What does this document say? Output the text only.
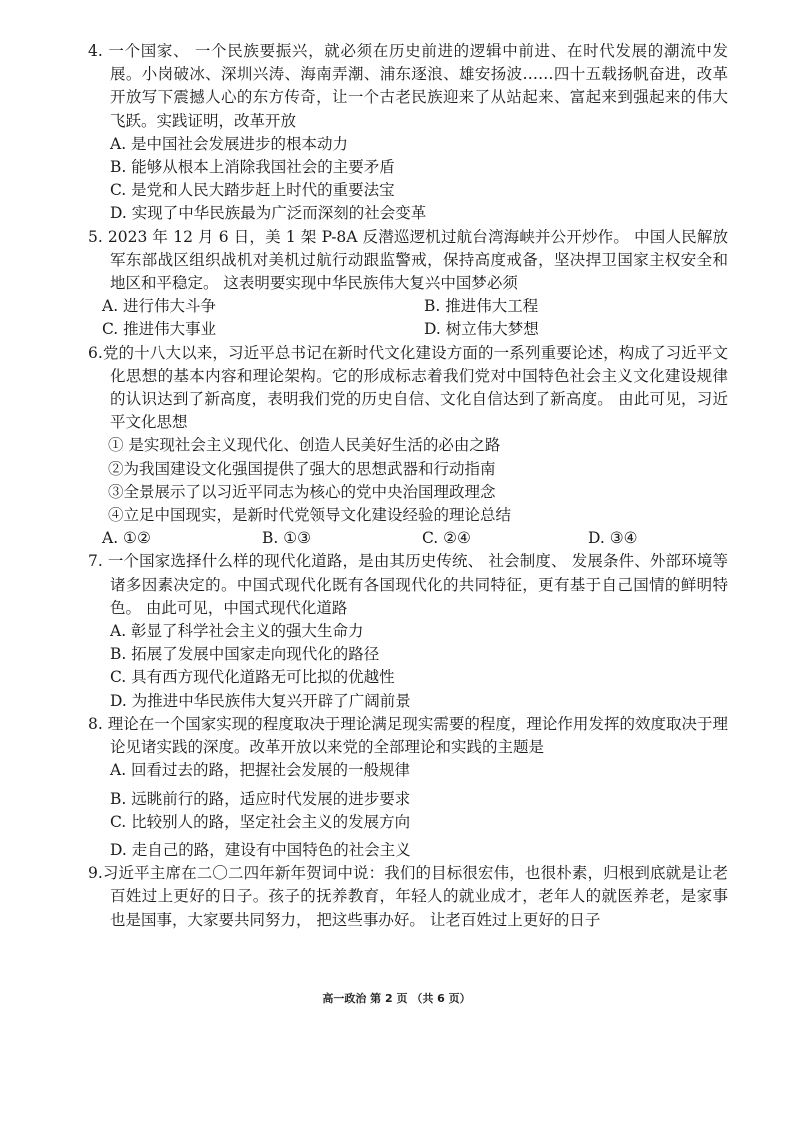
4. 一个国家、 一个民族要振兴，就必须在历史前进的逻辑中前进、在时代发展的潮流中发展。小岗破冰、深圳兴涛、海南弄潮、浦东逐浪、雄安扬波……四十五载扬帆奋进，改革开放写下震撼人心的东方传奇，让一个古老民族迎来了从站起来、富起来到强起来的伟大飞跃。实践证明，改革开放

A. 是中国社会发展进步的根本动力
B. 能够从根本上消除我国社会的主要矛盾
C. 是党和人民大踏步赶上时代的重要法宝
D. 实现了中华民族最为广泛而深刻的社会变革

5. 2023 年 12 月 6 日，美 1 架 P-8A 反潜巡逻机过航台湾海峡并公开炒作。 中国人民解放军东部战区组织战机对美机过航行动跟监警戒，保持高度戒备，坚决捍卫国家主权安全和地区和平稳定。 这表明要实现中华民族伟大复兴中国梦必须

A. 进行伟大斗争	B. 推进伟大工程
C. 推进伟大事业	D. 树立伟大梦想

6.党的十八大以来，习近平总书记在新时代文化建设方面的一系列重要论述，构成了习近平文化思想的基本内容和理论架构。它的形成标志着我们党对中国特色社会主义文化建设规律的认识达到了新高度，表明我们党的历史自信、文化自信达到了新高度。 由此可见，习近平文化思想

① 是实现社会主义现代化、创造人民美好生活的必由之路
②为我国建设文化强国提供了强大的思想武器和行动指南
③全景展示了以习近平同志为核心的党中央治国理政理念
④立足中国现实，是新时代党领导文化建设经验的理论总结
A. ①②	B. ①③	C. ②④	D. ③④

7. 一个国家选择什么样的现代化道路，是由其历史传统、 社会制度、 发展条件、外部环境等诸多因素决定的。中国式现代化既有各国现代化的共同特征，更有基于自己国情的鲜明特色。 由此可见，中国式现代化道路

A. 彰显了科学社会主义的强大生命力
B. 拓展了发展中国家走向现代化的路径
C. 具有西方现代化道路无可比拟的优越性
D. 为推进中华民族伟大复兴开辟了广阔前景

8. 理论在一个国家实现的程度取决于理论满足现实需要的程度，理论作用发挥的效度取决于理论见诸实践的深度。改革开放以来党的全部理论和实践的主题是

A. 回看过去的路，把握社会发展的一般规律
B. 远眺前行的路，适应时代发展的进步要求
C. 比较别人的路，坚定社会主义的发展方向
D. 走自己的路，建设有中国特色的社会主义

9.习近平主席在二〇二四年新年贺词中说：我们的目标很宏伟，也很朴素，归根到底就是让老百姓过上更好的日子。孩子的抚养教育，年轻人的就业成才，老年人的就医养老，是家事也是国事，大家要共同努力， 把这些事办好。 让老百姓过上更好的日子

高一政治 第 2 页 （共 6 页）
